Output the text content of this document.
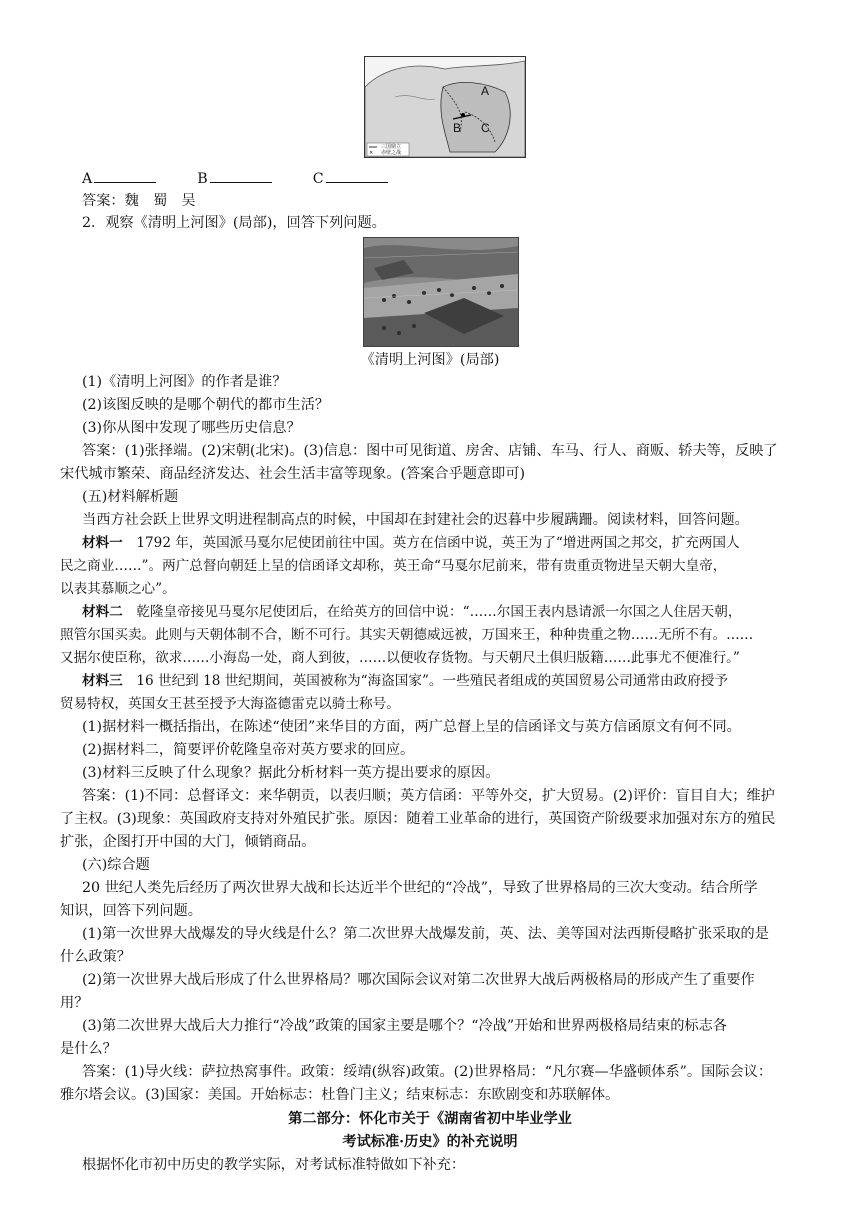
×
A
B C
三国鼎立
赤壁之战
A	B	C
答案：魏　蜀　吴
2．观察《清明上河图》(局部)，回答下列问题。
《清明上河图》(局部)
(1)《清明上河图》的作者是谁？
(2)该图反映的是哪个朝代的都市生活？
(3)你从图中发现了哪些历史信息？
答案：(1)张择端。(2)宋朝(北宋)。(3)信息：图中可见街道、房舍、店铺、车马、行人、商贩、轿夫等，反映了
宋代城市繁荣、商品经济发达、社会生活丰富等现象。(答案合乎题意即可)
(五)材料解析题
当西方社会跃上世界文明进程制高点的时候，中国却在封建社会的迟暮中步履蹒跚。阅读材料，回答问题。
材料一　 1792 年，英国派马戛尔尼使团前往中国。英方在信函中说，英王为了“增进两国之邦交，扩充两国人
民之商业……”。两广总督向朝廷上呈的信函译文却称，英王命“马戛尔尼前来，带有贵重贡物进呈天朝大皇帝，
以表其慕顺之心”。
材料二　 乾隆皇帝接见马戛尔尼使团后，在给英方的回信中说：“……尔国王表内恳请派一尔国之人住居天朝，
照管尔国买卖。此则与天朝体制不合，断不可行。其实天朝德威远被，万国来王，种种贵重之物……无所不有。……
又据尔使臣称，欲求……小海岛一处，商人到彼，……以便收存货物。与天朝尺土俱归版籍……此事尤不便准行。”
材料三　 16 世纪到 18 世纪期间，英国被称为“海盗国家”。一些殖民者组成的英国贸易公司通常由政府授予
贸易特权，英国女王甚至授予大海盗德雷克以骑士称号。
(1)据材料一概括指出，在陈述“使团”来华目的方面，两广总督上呈的信函译文与英方信函原文有何不同。
(2)据材料二，简要评价乾隆皇帝对英方要求的回应。
(3)材料三反映了什么现象？据此分析材料一英方提出要求的原因。
答案：(1)不同：总督译文：来华朝贡，以表归顺；英方信函：平等外交，扩大贸易。(2)评价：盲目自大；维护
了主权。(3)现象：英国政府支持对外殖民扩张。原因：随着工业革命的进行，英国资产阶级要求加强对东方的殖民
扩张，企图打开中国的大门，倾销商品。
(六)综合题
20 世纪人类先后经历了两次世界大战和长达近半个世纪的“冷战”，导致了世界格局的三次大变动。结合所学
知识，回答下列问题。
(1)第一次世界大战爆发的导火线是什么？第二次世界大战爆发前，英、法、美等国对法西斯侵略扩张采取的是
什么政策？
(2)第一次世界大战后形成了什么世界格局？哪次国际会议对第二次世界大战后两极格局的形成产生了重要作
用？
(3)第二次世界大战后大力推行“冷战”政策的国家主要是哪个？“冷战”开始和世界两极格局结束的标志各
是什么？
答案：(1)导火线：萨拉热窝事件。政策：绥靖(纵容)政策。(2)世界格局：“凡尔赛—华盛顿体系”。国际会议：
雅尔塔会议。(3)国家：美国。开始标志：杜鲁门主义；结束标志：东欧剧变和苏联解体。
第二部分：怀化市关于《湖南省初中毕业学业
考试标准·历史》的补充说明
根据怀化市初中历史的教学实际，对考试标准特做如下补充：
